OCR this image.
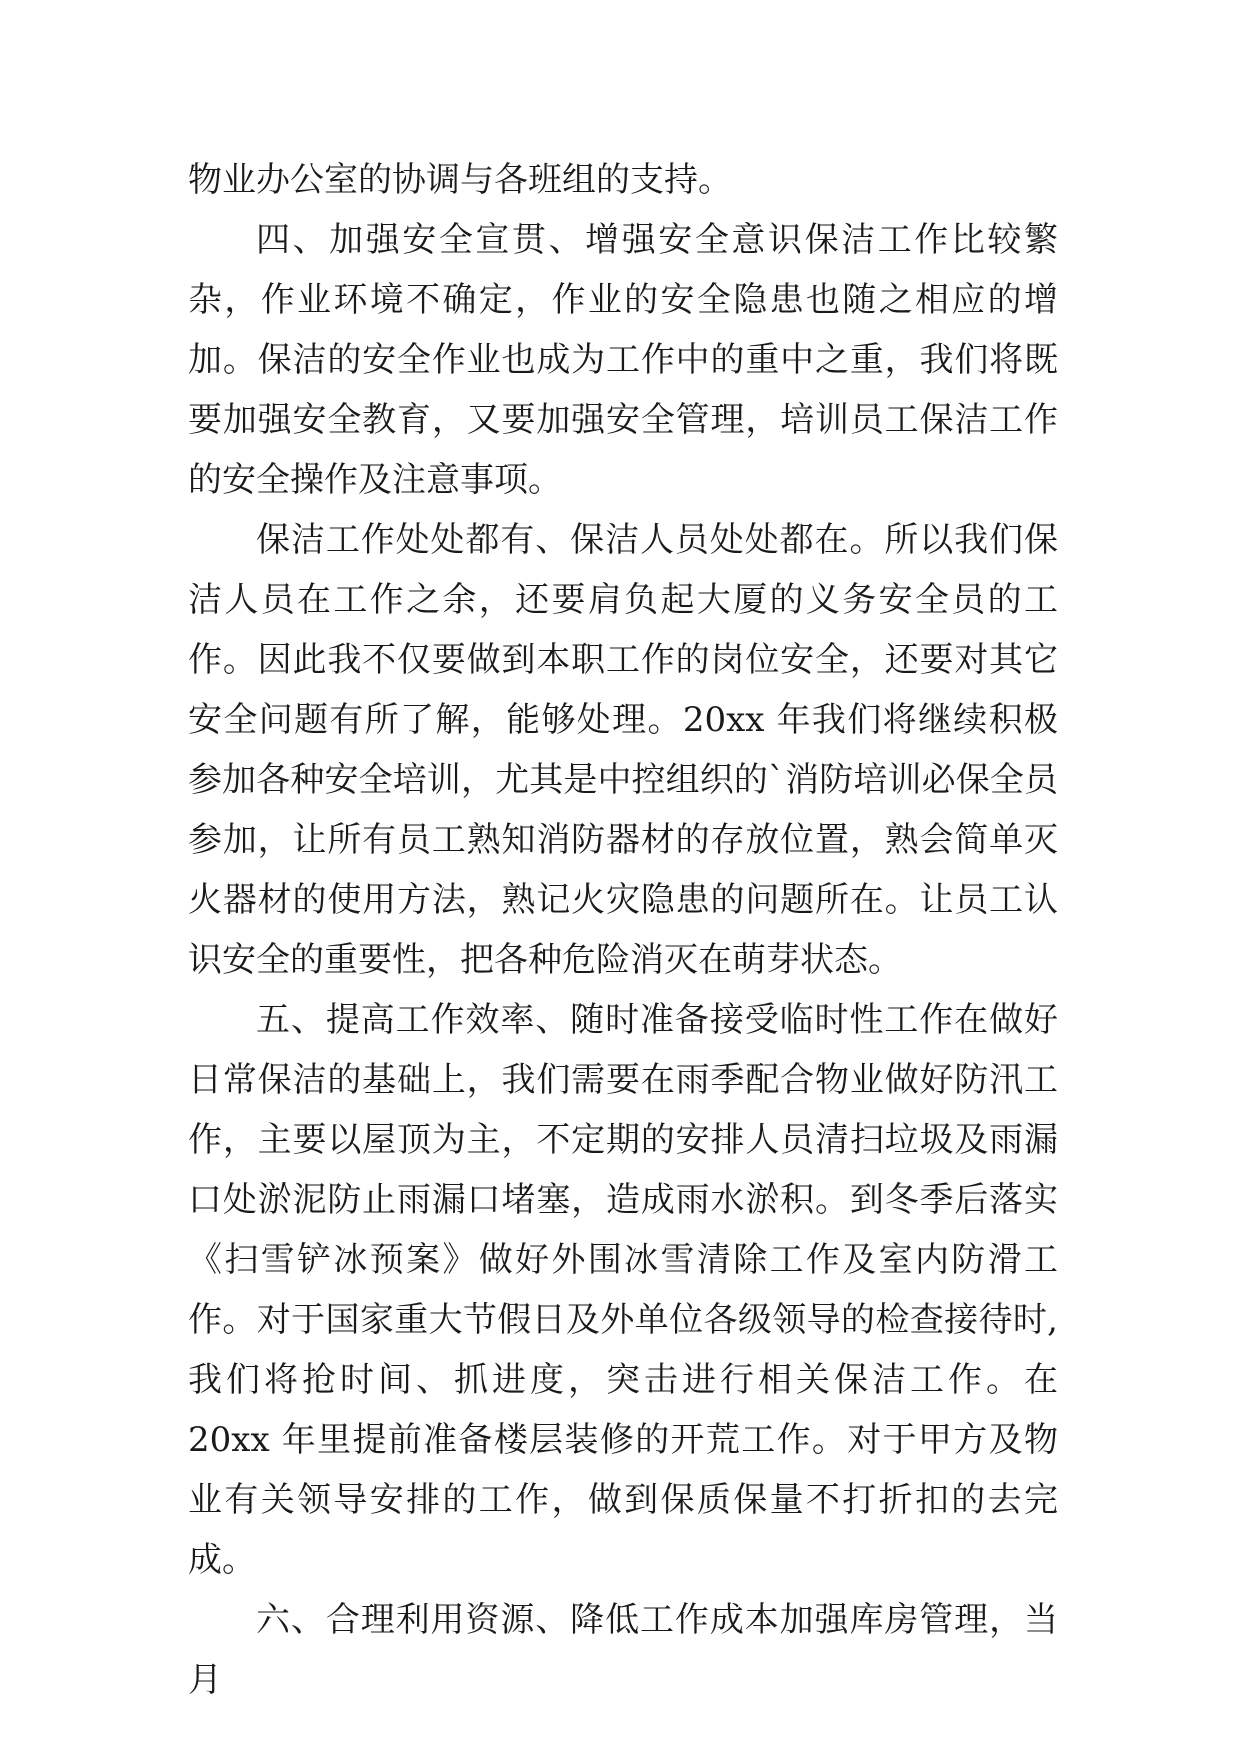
物业办公室的协调与各班组的支持。

四、加强安全宣贯、增强安全意识保洁工作比较繁杂，作业环境不确定，作业的安全隐患也随之相应的增加。保洁的安全作业也成为工作中的重中之重，我们将既要加强安全教育，又要加强安全管理，培训员工保洁工作的安全操作及注意事项。

保洁工作处处都有、保洁人员处处都在。所以我们保洁人员在工作之余，还要肩负起大厦的义务安全员的工作。因此我不仅要做到本职工作的岗位安全，还要对其它安全问题有所了解，能够处理。20xx 年我们将继续积极参加各种安全培训，尤其是中控组织的`消防培训必保全员参加，让所有员工熟知消防器材的存放位置，熟会简单灭火器材的使用方法，熟记火灾隐患的问题所在。让员工认识安全的重要性，把各种危险消灭在萌芽状态。

五、提高工作效率、随时准备接受临时性工作在做好日常保洁的基础上，我们需要在雨季配合物业做好防汛工作，主要以屋顶为主，不定期的安排人员清扫垃圾及雨漏口处淤泥防止雨漏口堵塞，造成雨水淤积。到冬季后落实《扫雪铲冰预案》做好外围冰雪清除工作及室内防滑工作。对于国家重大节假日及外单位各级领导的检查接待时,我们将抢时间、抓进度，突击进行相关保洁工作。在 20xx 年里提前准备楼层装修的开荒工作。对于甲方及物业有关领导安排的工作，做到保质保量不打折扣的去完成。

六、合理利用资源、降低工作成本加强库房管理，当月
